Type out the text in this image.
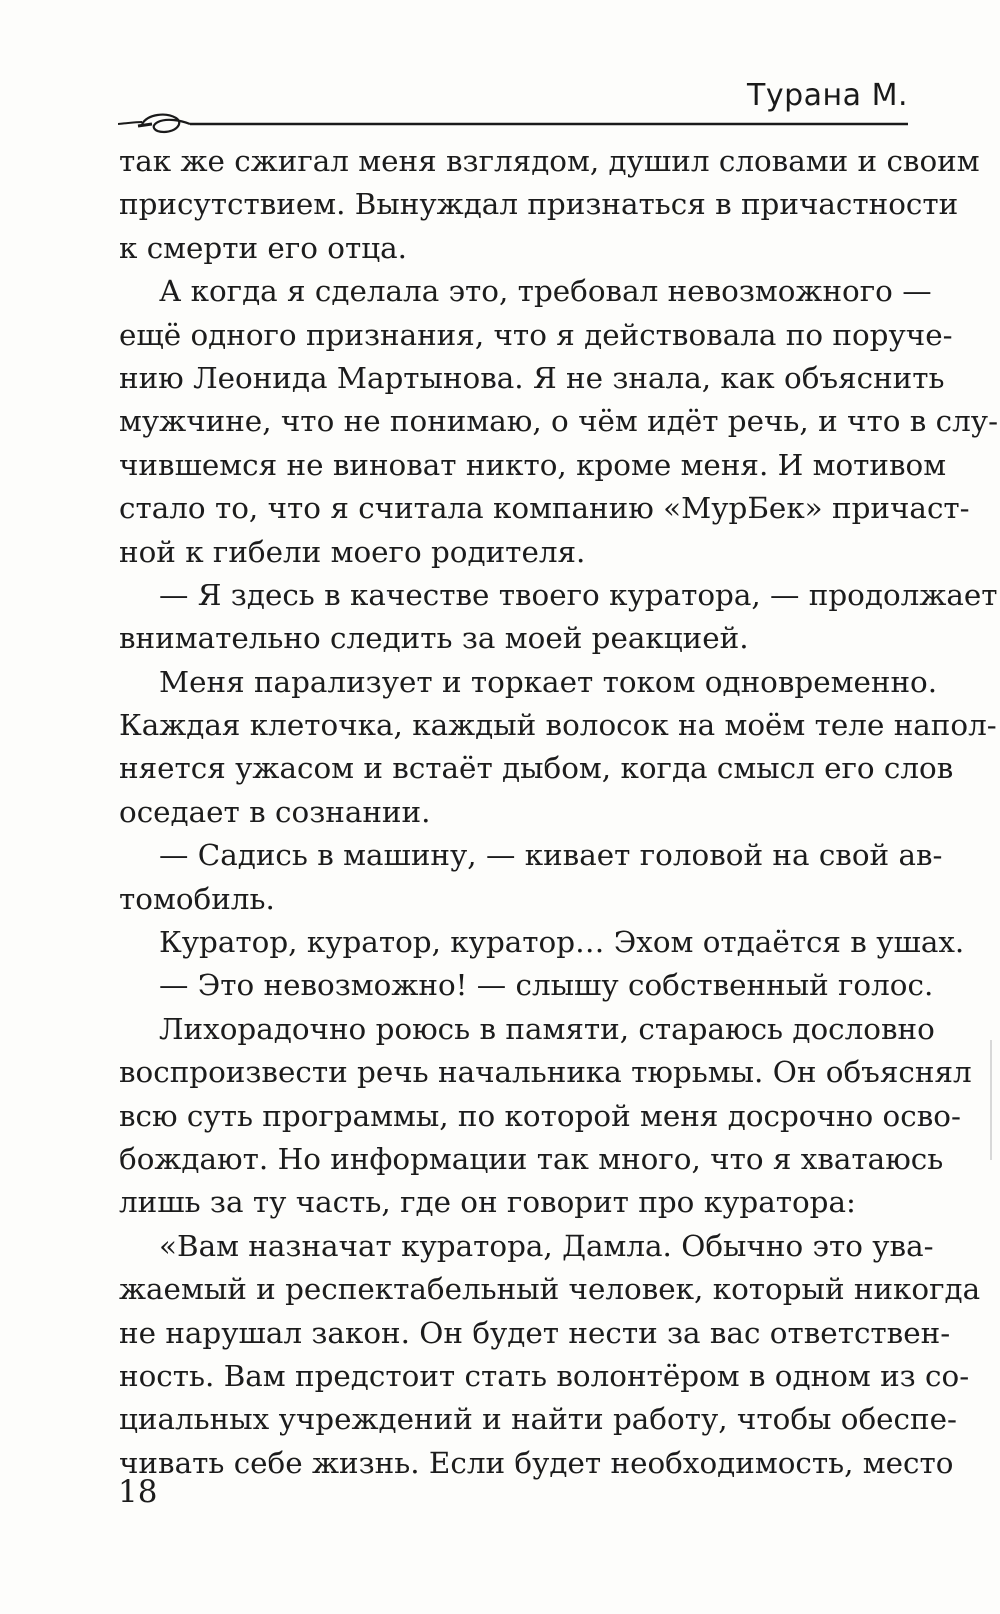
Турана М.
так же сжигал меня взглядом, душил словами и своим
присутствием. Вынуждал признаться в причастности
к смерти его отца.
А когда я сделала это, требовал невозможного —
ещё одного признания, что я действовала по поруче-
нию Леонида Мартынова. Я не знала, как объяснить
мужчине, что не понимаю, о чём идёт речь, и что в слу-
чившемся не виноват никто, кроме меня. И мотивом
стало то, что я считала компанию «МурБек» причаст-
ной к гибели моего родителя.
— Я здесь в качестве твоего куратора, — продолжает
внимательно следить за моей реакцией.
Меня парализует и торкает током одновременно.
Каждая клеточка, каждый волосок на моём теле напол-
няется ужасом и встаёт дыбом, когда смысл его слов
оседает в сознании.
— Садись в машину, — кивает головой на свой ав-
томобиль.
Куратор, куратор, куратор… Эхом отдаётся в ушах.
— Это невозможно! — слышу собственный голос.
Лихорадочно роюсь в памяти, стараюсь дословно
воспроизвести речь начальника тюрьмы. Он объяснял
всю суть программы, по которой меня досрочно осво-
бождают. Но информации так много, что я хватаюсь
лишь за ту часть, где он говорит про куратора:
«Вам назначат куратора, Дамла. Обычно это ува-
жаемый и респектабельный человек, который никогда
не нарушал закон. Он будет нести за вас ответствен-
ность. Вам предстоит стать волонтёром в одном из со-
циальных учреждений и найти работу, чтобы обеспе-
чивать себе жизнь. Если будет необходимость, место
18
